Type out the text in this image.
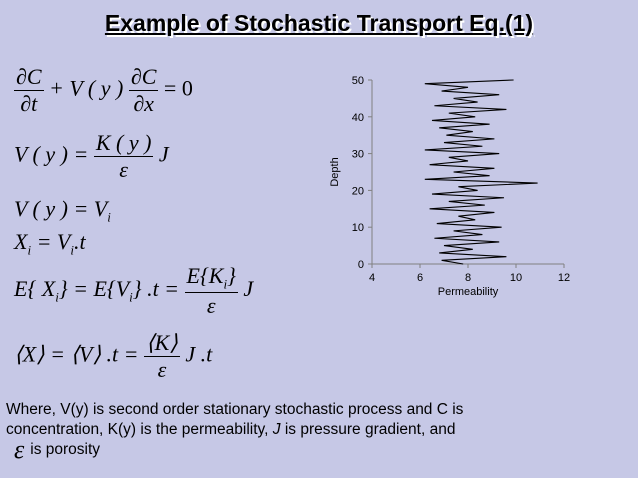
Example of Stochastic Transport Eq.(1)
$\frac{\partial C}{\partial t} + V$ ( y ) $\frac{\partial C}{\partial x} = 0$
V ( y ) = $\frac{K ( y )}{\varepsilon}$ J
V ( y ) = $V_i$
$X_i = V_i.t$
E{ $X_i\} = E\{V_i\}$ $.t = \frac{E\{K_i\}}{\varepsilon}$ J
⟨X⟩ = ⟨V⟩ $.t = \frac{⟨K⟩}{\varepsilon}$ J .t
0
10
20
30
40
50
4	6	8	10	12
Permeability
Depth
Where, V(y) is second order stationary stochastic process and C is
concentration, K(y) is the permeability, J is pressure gradient, and
εis porosity
